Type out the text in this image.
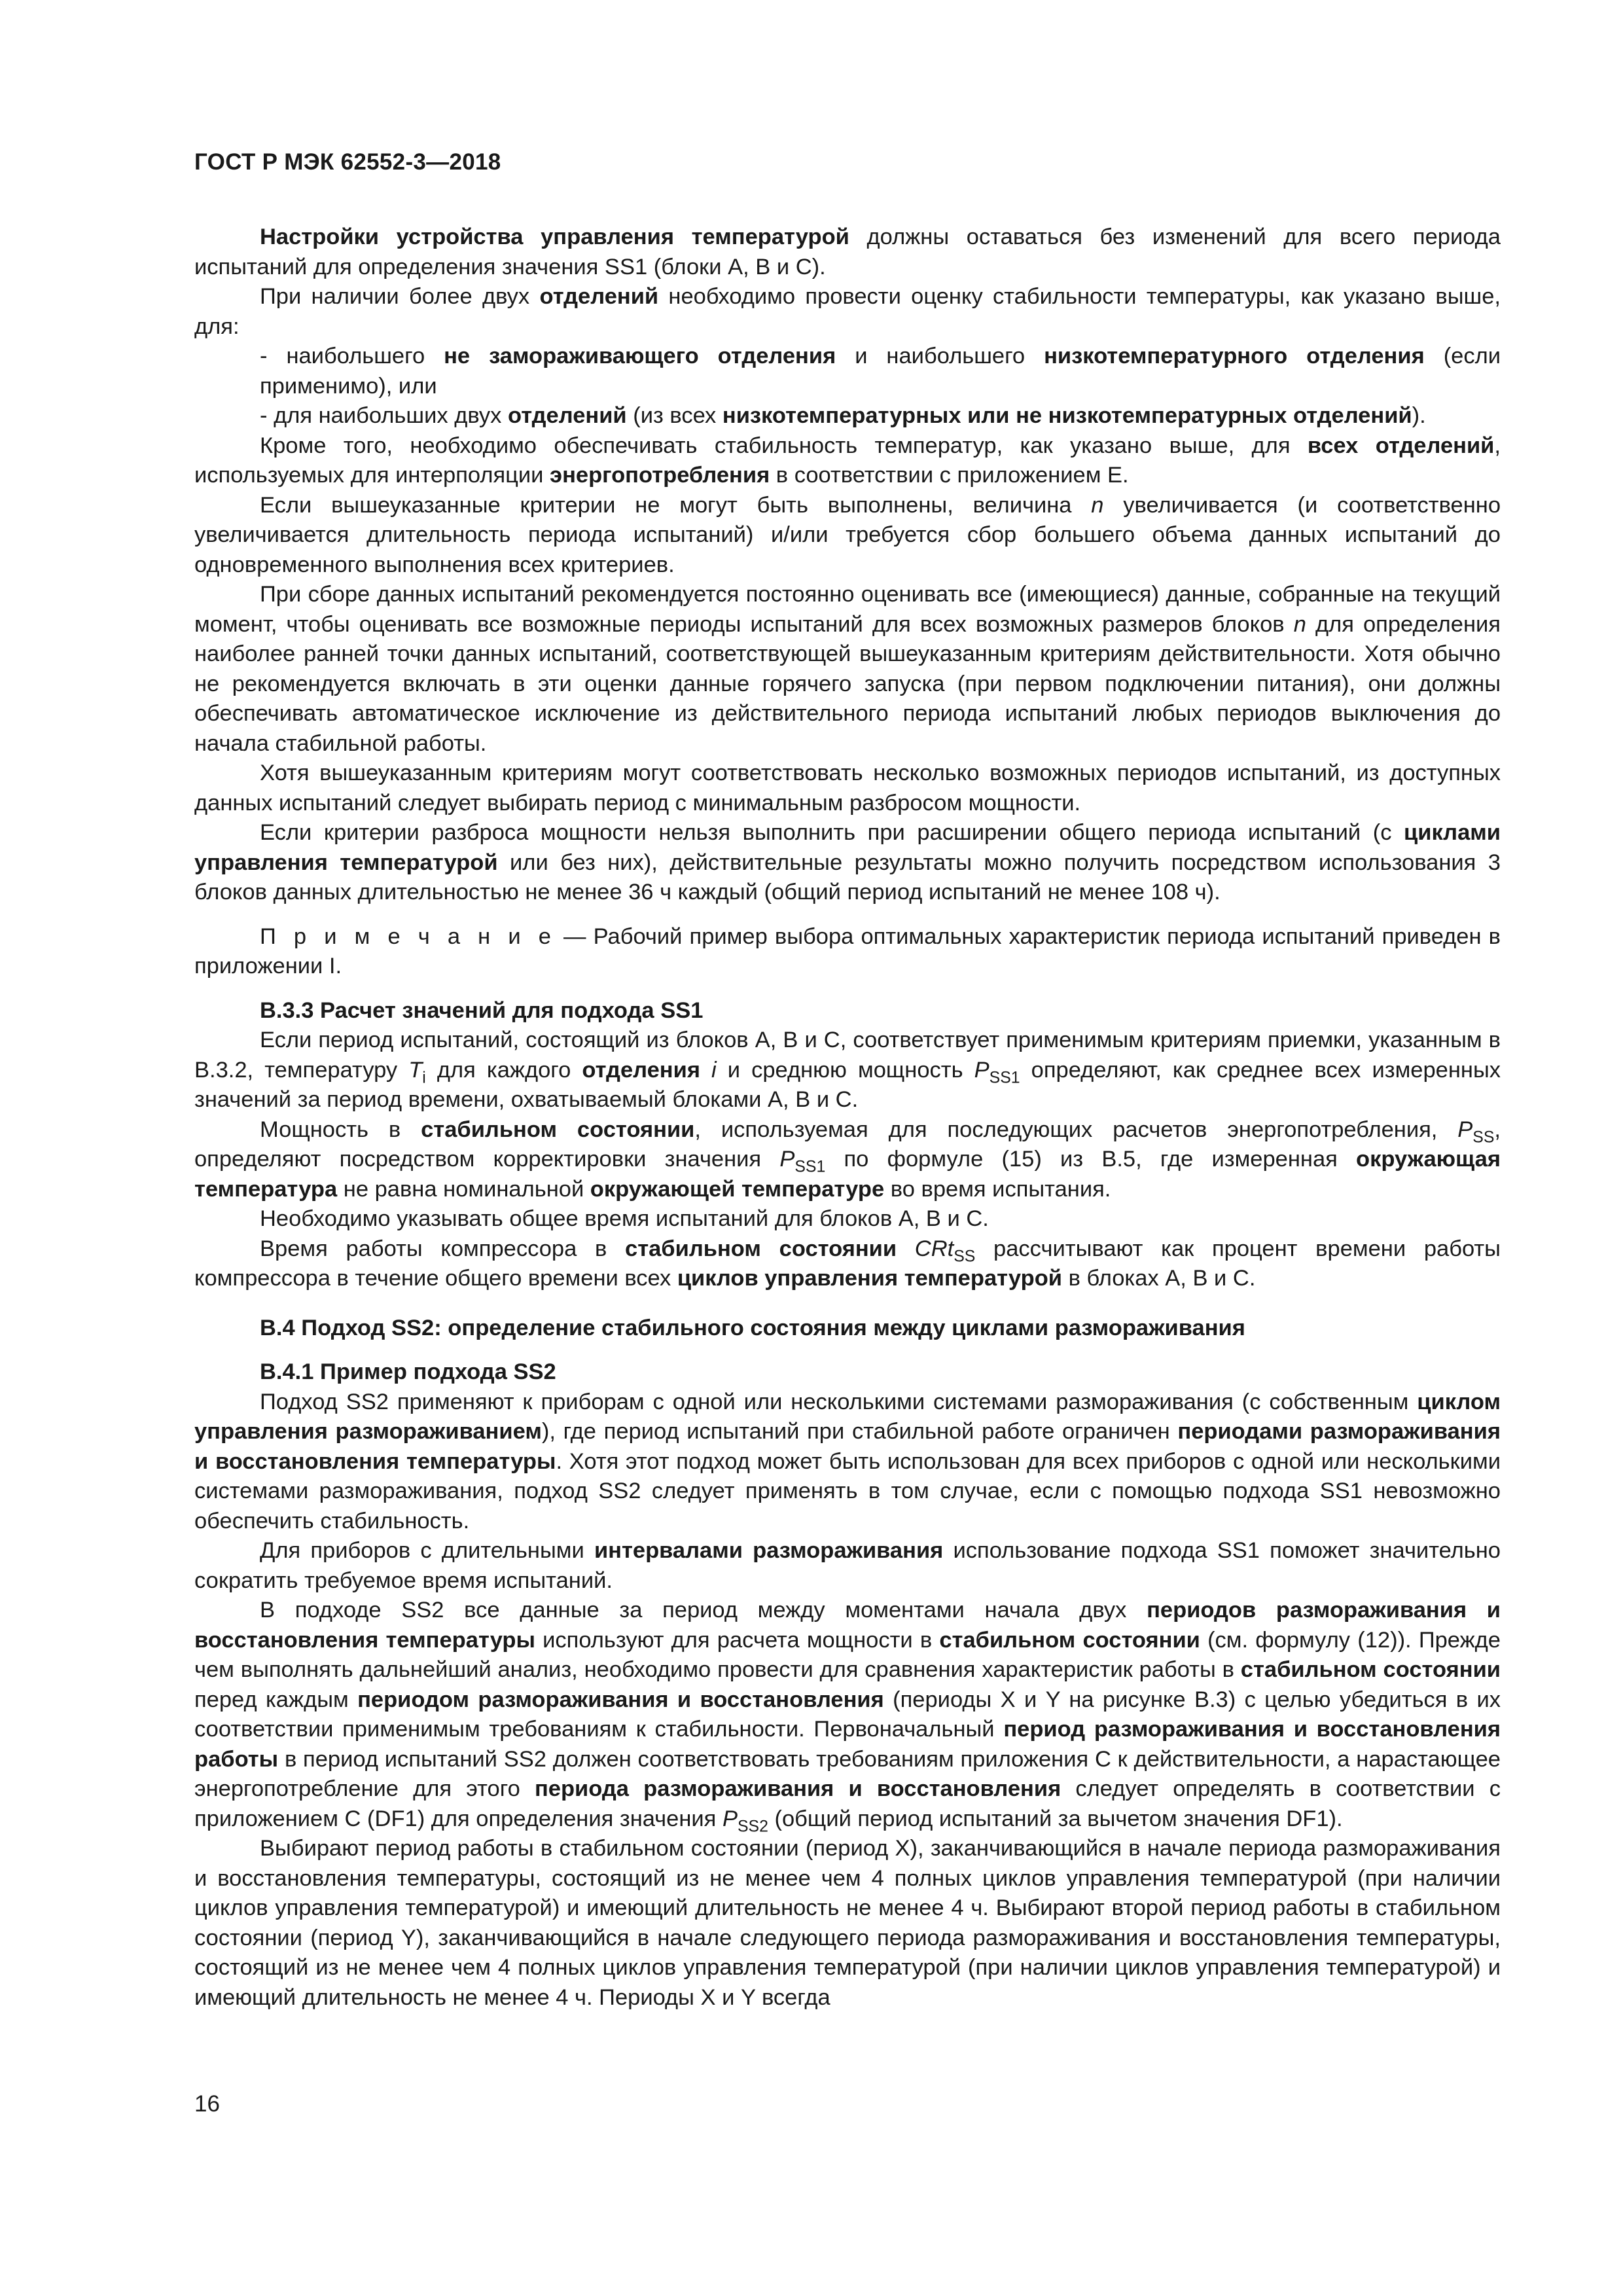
ГОСТ Р МЭК 62552-3—2018

Настройки устройства управления температурой должны оставаться без изменений для всего периода испытаний для определения значения SS1 (блоки А, В и С).

При наличии более двух отделений необходимо провести оценку стабильности температуры, как указано выше, для:

- наибольшего не замораживающего отделения и наибольшего низкотемпературного отделения (если применимо), или

- для наибольших двух отделений (из всех низкотемпературных или не низкотемпературных отделений).

Кроме того, необходимо обеспечивать стабильность температур, как указано выше, для всех отделений, используемых для интерполяции энергопотребления в соответствии с приложением Е.

Если вышеуказанные критерии не могут быть выполнены, величина n увеличивается (и соответственно увеличивается длительность периода испытаний) и/или требуется сбор большего объема данных испытаний до одновременного выполнения всех критериев.

При сборе данных испытаний рекомендуется постоянно оценивать все (имеющиеся) данные, собранные на текущий момент, чтобы оценивать все возможные периоды испытаний для всех возможных размеров блоков n для определения наиболее ранней точки данных испытаний, соответствующей вышеуказанным критериям действительности. Хотя обычно не рекомендуется включать в эти оценки данные горячего запуска (при первом подключении питания), они должны обеспечивать автоматическое исключение из действительного периода испытаний любых периодов выключения до начала стабильной работы.

Хотя вышеуказанным критериям могут соответствовать несколько возможных периодов испытаний, из доступных данных испытаний следует выбирать период с минимальным разбросом мощности.

Если критерии разброса мощности нельзя выполнить при расширении общего периода испытаний (с циклами управления температурой или без них), действительные результаты можно получить посредством использования 3 блоков данных длительностью не менее 36 ч каждый (общий период испытаний не менее 108 ч).

П р и м е ч а н и е — Рабочий пример выбора оптимальных характеристик периода испытаний приведен в приложении I.

В.3.3 Расчет значений для подхода SS1

Если период испытаний, состоящий из блоков А, В и С, соответствует применимым критериям приемки, указанным в В.3.2, температуру $T_i$ для каждого отделения i и среднюю мощность $P_{SS1}$ определяют, как среднее всех измеренных значений за период времени, охватываемый блоками А, В и С.

Мощность в стабильном состоянии, используемая для последующих расчетов энергопотребления, $P_{SS}$, определяют посредством корректировки значения $P_{SS1}$ по формуле (15) из В.5, где измеренная окружающая температура не равна номинальной окружающей температуре во время испытания.

Необходимо указывать общее время испытаний для блоков А, В и С.

Время работы компрессора в стабильном состоянии CRt$_{SS}$ рассчитывают как процент времени работы компрессора в течение общего времени всех циклов управления температурой в блоках А, В и С.

В.4 Подход SS2: определение стабильного состояния между циклами размораживания
В.4.1 Пример подхода SS2

Подход SS2 применяют к приборам с одной или несколькими системами размораживания (с собственным циклом управления размораживанием), где период испытаний при стабильной работе ограничен периодами размораживания и восстановления температуры. Хотя этот подход может быть использован для всех приборов с одной или несколькими системами размораживания, подход SS2 следует применять в том случае, если с помощью подхода SS1 невозможно обеспечить стабильность.

Для приборов с длительными интервалами размораживания использование подхода SS1 поможет значительно сократить требуемое время испытаний.

В подходе SS2 все данные за период между моментами начала двух периодов размораживания и восстановления температуры используют для расчета мощности в стабильном состоянии (см. формулу (12)). Прежде чем выполнять дальнейший анализ, необходимо провести для сравнения характеристик работы в стабильном состоянии перед каждым периодом размораживания и восстановления (периоды X и Y на рисунке В.3) с целью убедиться в их соответствии применимым требованиям к стабильности. Первоначальный период размораживания и восстановления работы в период испытаний SS2 должен соответствовать требованиям приложения С к действительности, а нарастающее энергопотребление для этого периода размораживания и восстановления следует определять в соответствии с приложением С (DF1) для определения значения $P_{SS2}$ (общий период испытаний за вычетом значения DF1).

Выбирают период работы в стабильном состоянии (период X), заканчивающийся в начале периода размораживания и восстановления температуры, состоящий из не менее чем 4 полных циклов управления температурой (при наличии циклов управления температурой) и имеющий длительность не менее 4 ч. Выбирают второй период работы в стабильном состоянии (период Y), заканчивающийся в начале следующего периода размораживания и восстановления температуры, состоящий из не менее чем 4 полных циклов управления температурой (при наличии циклов управления температурой) и имеющий длительность не менее 4 ч. Периоды X и Y всегда

16
